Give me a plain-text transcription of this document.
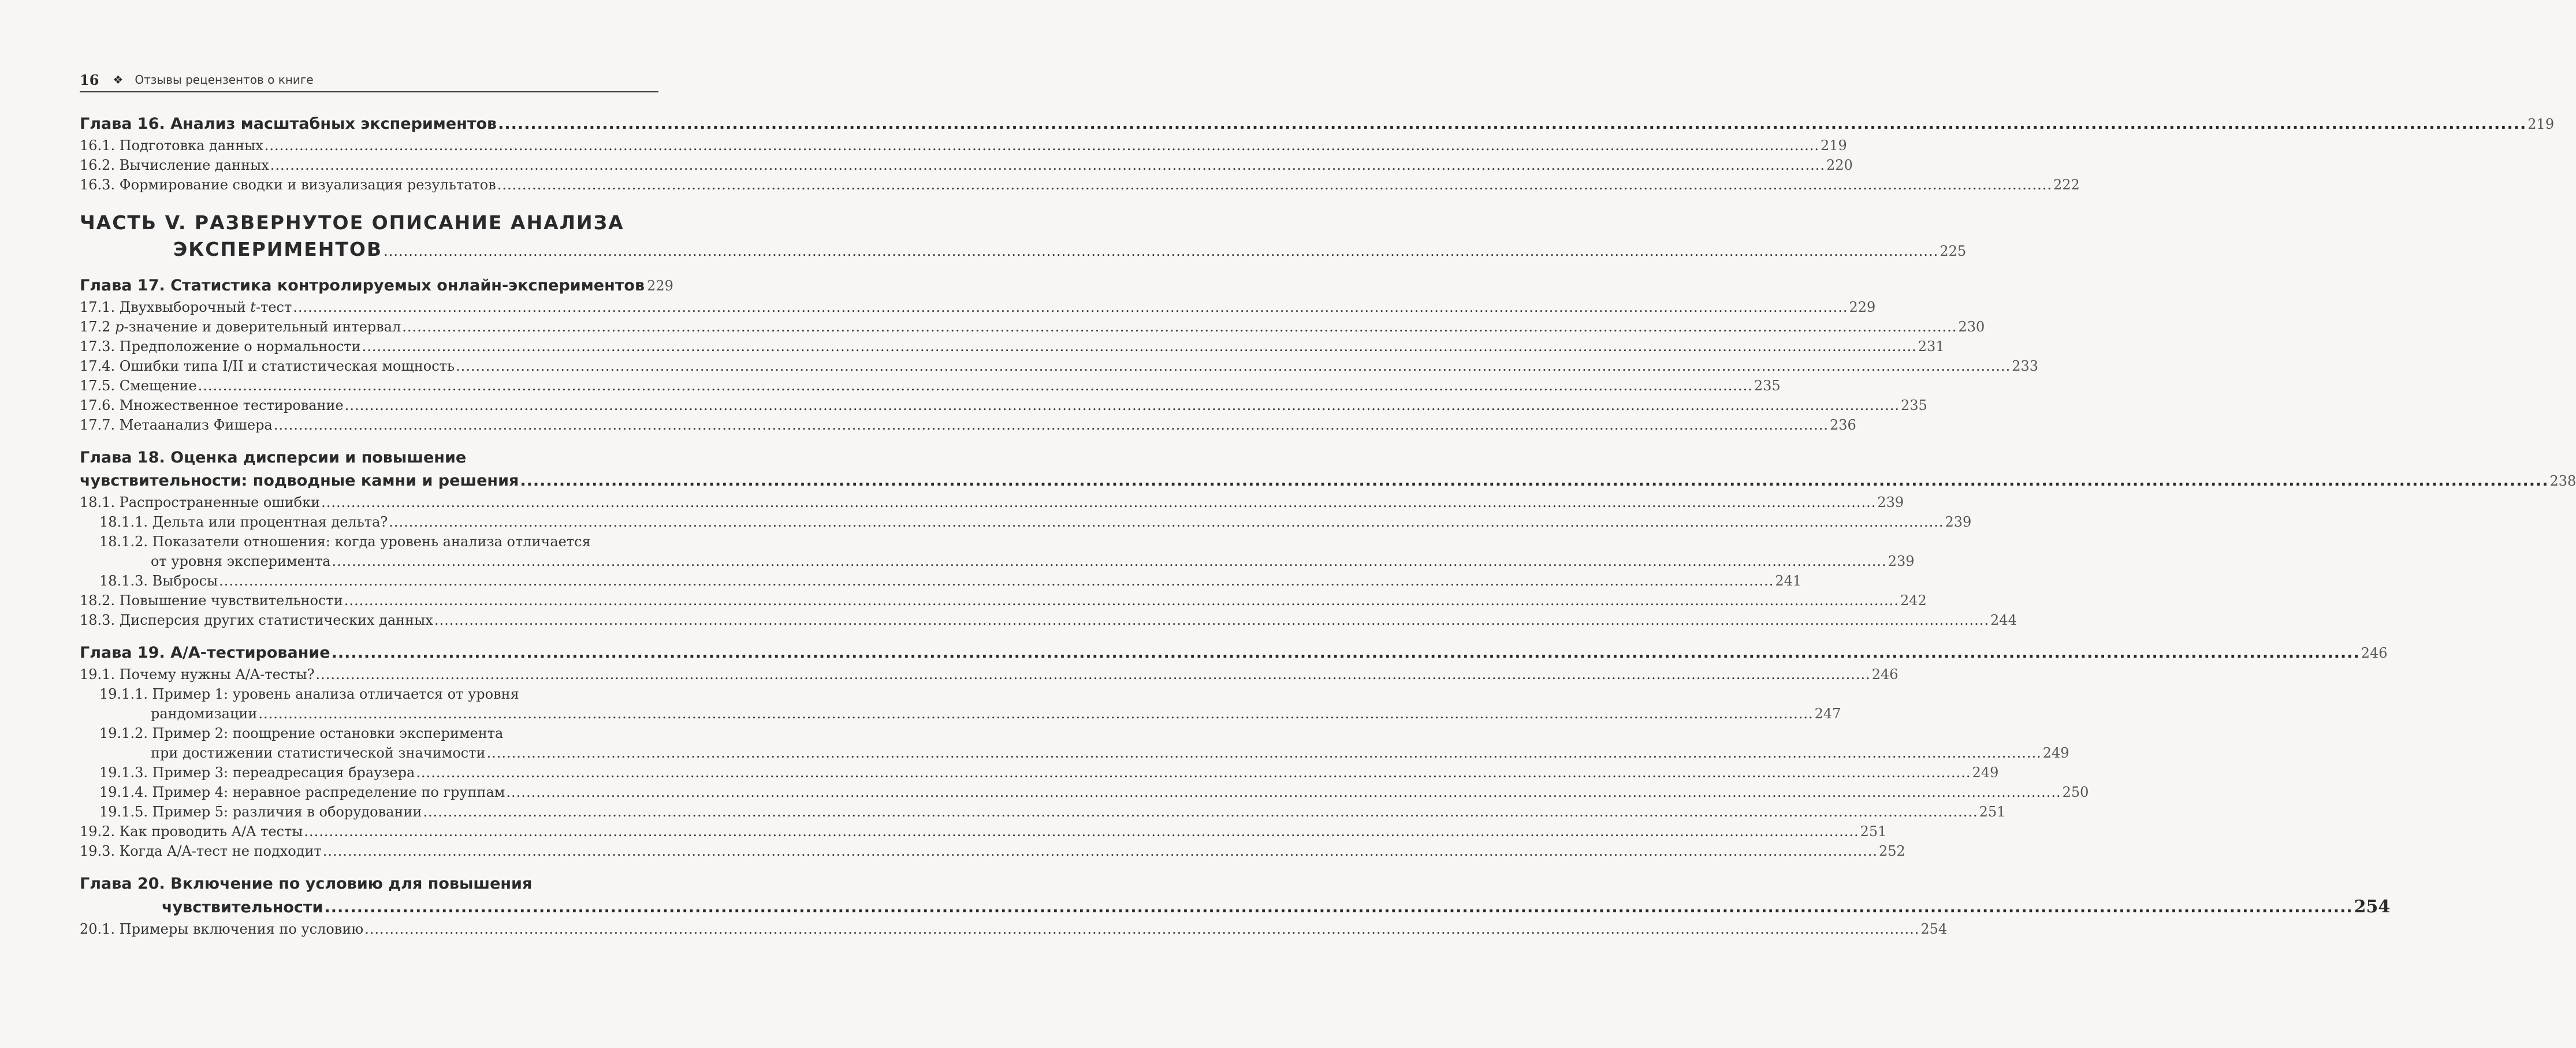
16 ❖ Отзывы рецензентов о книге
Глава 16. Анализ масштабных экспериментов .....	219
16.1. Подготовка данных .....	219
16.2. Вычисление данных .....	220
16.3. Формирование сводки и визуализация результатов .....	222
ЧАСТЬ V. РАЗВЕРНУТОЕ ОПИСАНИЕ АНАЛИЗА
ЭКСПЕРИМЕНТОВ .....	225
Глава 17. Статистика контролируемых онлайн-экспериментов 229
17.1. Двухвыборочный t-тест .....	229
17.2 p-значение и доверительный интервал .....	230
17.3. Предположение о нормальности .....	231
17.4. Ошибки типа I/II и статистическая мощность .....	233
17.5. Смещение .....	235
17.6. Множественное тестирование .....	235
17.7. Метаанализ Фишера .....	236
Глава 18. Оценка дисперсии и повышение
чувствительности: подводные камни и решения .....	238
18.1. Распространенные ошибки .....	239
18.1.1. Дельта или процентная дельта? .....	239
18.1.2. Показатели отношения: когда уровень анализа отличается
от уровня эксперимента .....	239
18.1.3. Выбросы .....	241
18.2. Повышение чувствительности .....	242
18.3. Дисперсия других статистических данных .....	244
Глава 19. A/A-тестирование .....	246
19.1. Почему нужны A/A-тесты? .....	246
19.1.1. Пример 1: уровень анализа отличается от уровня
рандомизации .....	247
19.1.2. Пример 2: поощрение остановки эксперимента
при достижении статистической значимости .....	249
19.1.3. Пример 3: переадресация браузера .....	249
19.1.4. Пример 4: неравное распределение по группам .....	250
19.1.5. Пример 5: различия в оборудовании .....	251
19.2. Как проводить A/A тесты .....	251
19.3. Когда A/A-тест не подходит .....	252
Глава 20. Включение по условию для повышения
чувствительности .....	254
20.1. Примеры включения по условию .....	254
